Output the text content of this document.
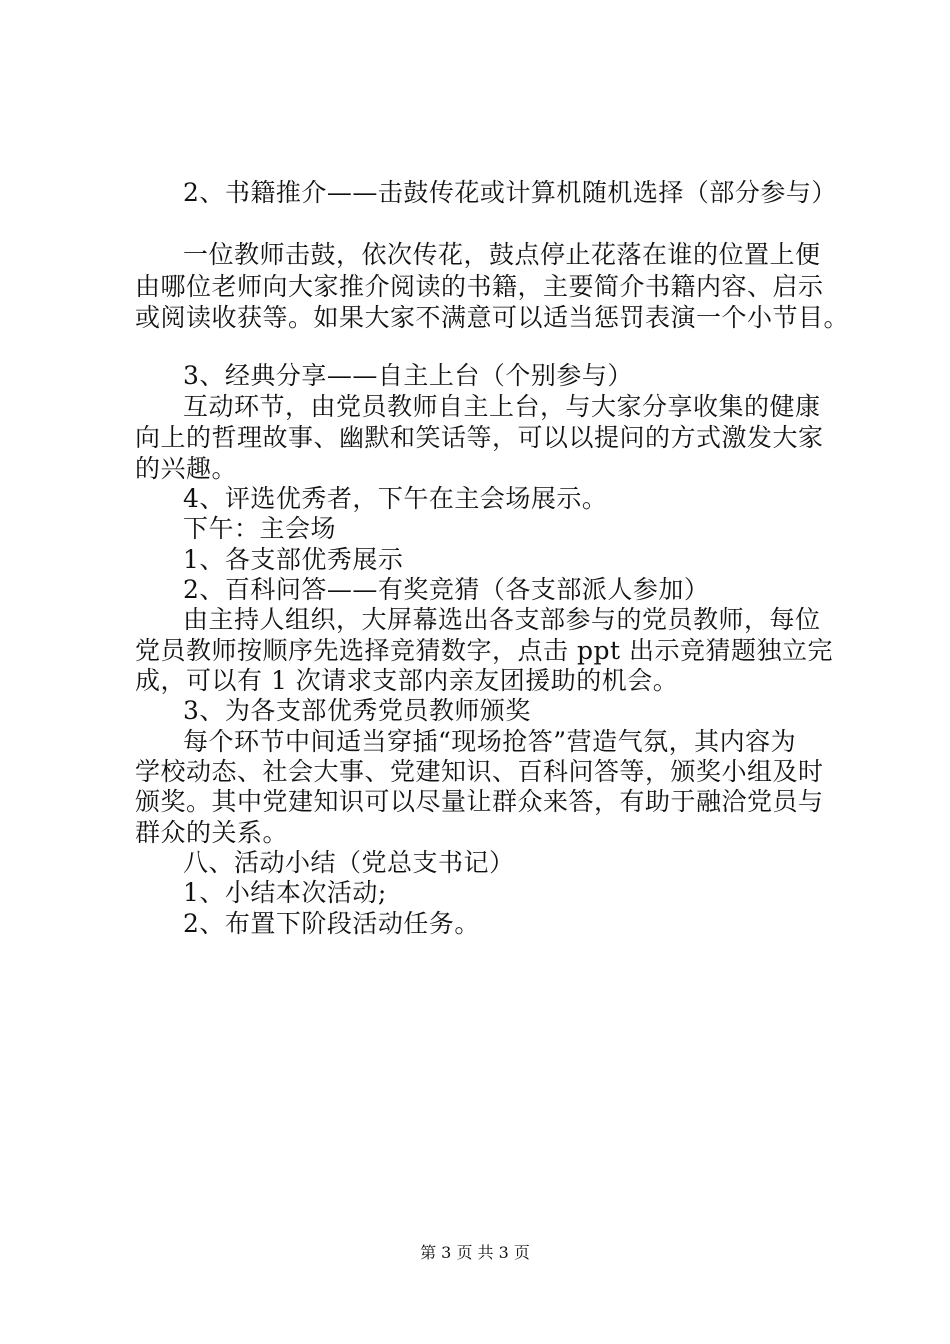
2、书籍推介——击鼓传花或计算机随机选择（部分参与）
一位教师击鼓，依次传花，鼓点停止花落在谁的位置上便
由哪位老师向大家推介阅读的书籍，主要简介书籍内容、启示
或阅读收获等。如果大家不满意可以适当惩罚表演一个小节目。
3、经典分享——自主上台（个别参与）
互动环节，由党员教师自主上台，与大家分享收集的健康
向上的哲理故事、幽默和笑话等，可以以提问的方式激发大家
的兴趣。
4、评选优秀者，下午在主会场展示。
下午：主会场
1、各支部优秀展示
2、百科问答——有奖竞猜（各支部派人参加）
由主持人组织，大屏幕选出各支部参与的党员教师，每位
党员教师按顺序先选择竞猜数字，点击 ppt 出示竞猜题独立完
成，可以有 1 次请求支部内亲友团援助的机会。
3、为各支部优秀党员教师颁奖
每个环节中间适当穿插“现场抢答”营造气氛，其内容为
学校动态、社会大事、党建知识、百科问答等，颁奖小组及时
颁奖。其中党建知识可以尽量让群众来答，有助于融洽党员与
群众的关系。
八、活动小结（党总支书记）
1、小结本次活动;
2、布置下阶段活动任务。
第 3 页 共 3 页
